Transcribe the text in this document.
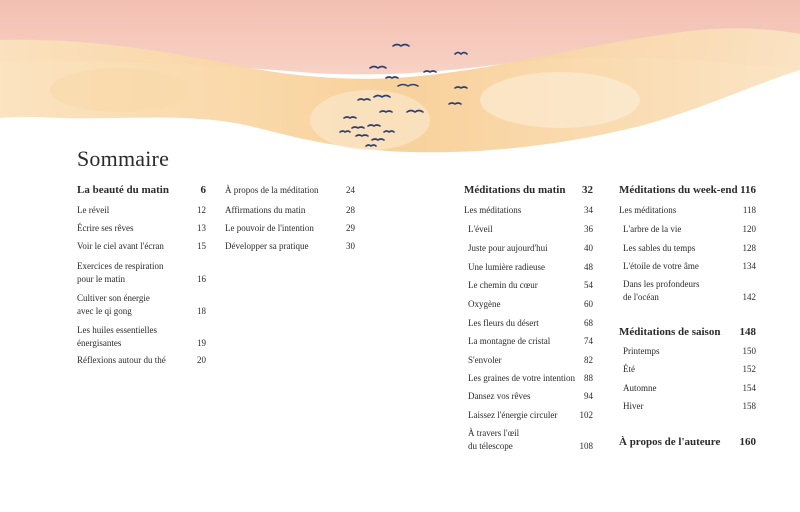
Sommaire
La beauté du matin	6
Le réveil	12
Écrire ses rêves	13
Voir le ciel avant l'écran	15
Exercices de respiration
pour le matin	16
Cultiver son énergie
avec le qi gong	18
Les huiles essentielles
énergisantes	19
Réflexions autour du thé	20
À propos de la méditation	24
Affirmations du matin	28
Le pouvoir de l'intention	29
Développer sa pratique	30
Méditations du matin	32
Les méditations	34
L'éveil	36
Juste pour aujourd'hui	40
Une lumière radieuse	48
Le chemin du cœur	54
Oxygène	60
Les fleurs du désert	68
La montagne de cristal	74
S'envoler	82
Les graines de votre intention	88
Dansez vos rêves	94
Laissez l'énergie circuler	102
À travers l'œil
du télescope	108
Méditations du week-end 116
Les méditations	118
L'arbre de la vie	120
Les sables du temps	128
L'étoile de votre âme	134
Dans les profondeurs
de l'océan	142
Méditations de saison 148
Printemps	150
Été	152
Automne	154
Hiver	158
À propos de l'auteure 160
